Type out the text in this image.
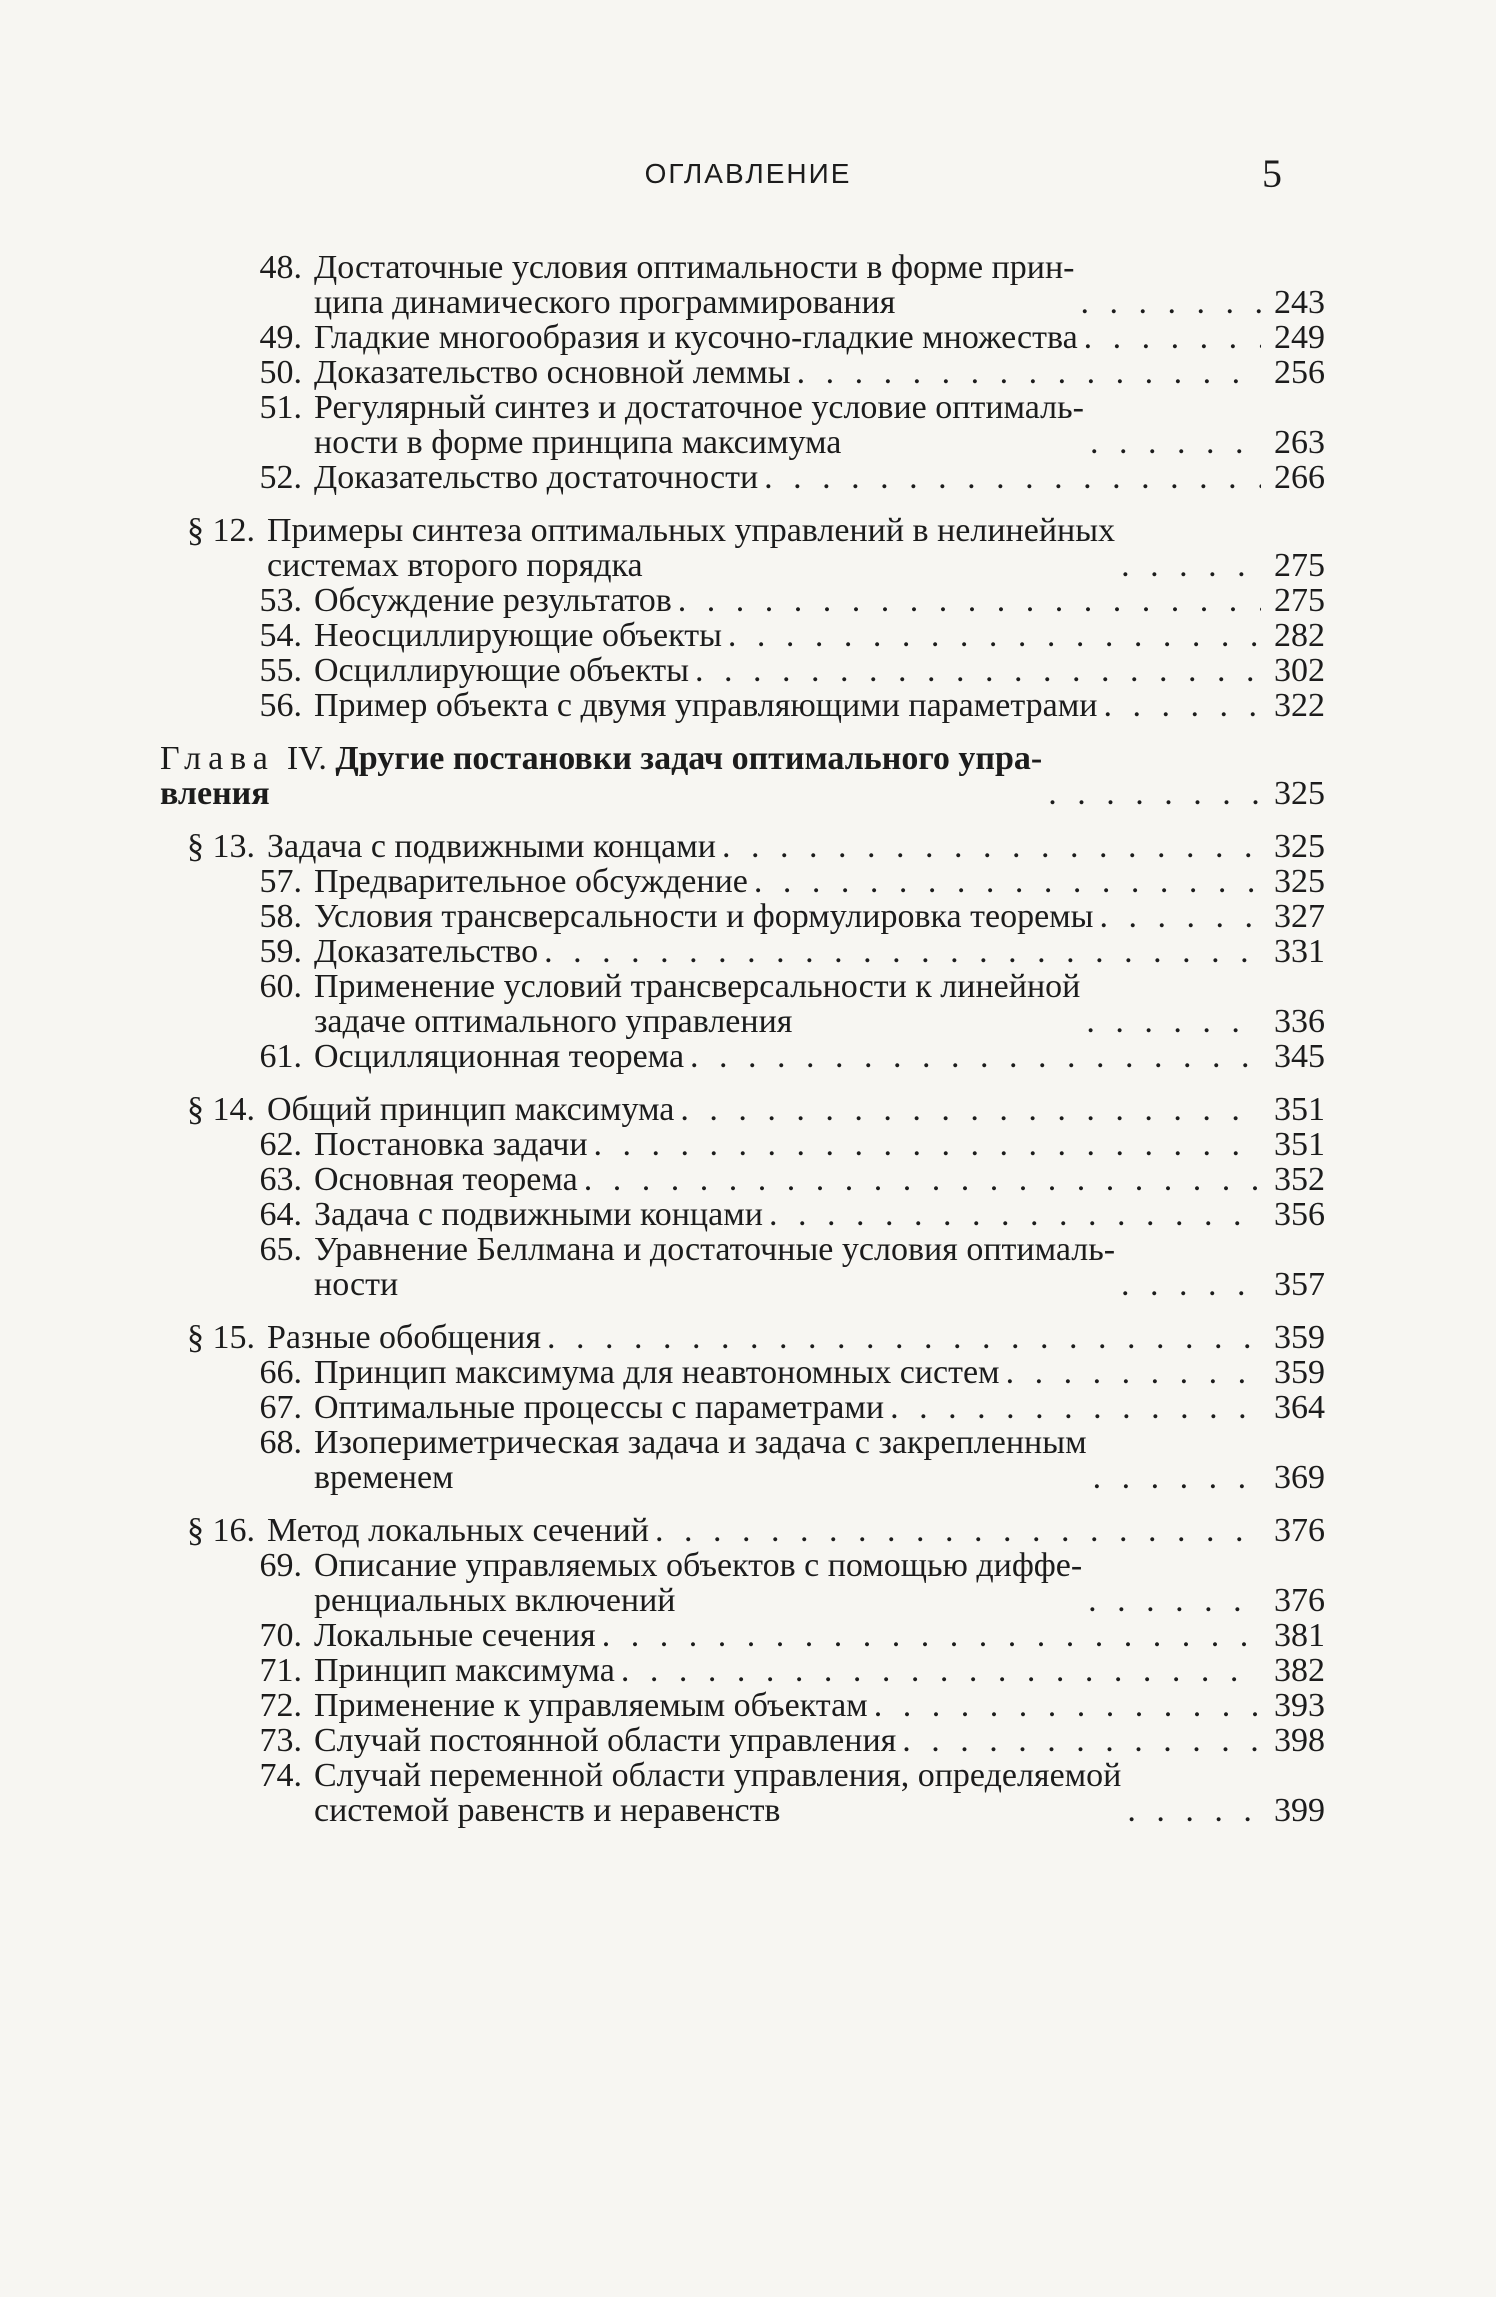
ОГЛАВЛЕНИЕ	5
48. Достаточные условия оптимальности в форме прин-
ципа динамического программирования . . .	243
49. Гладкие многообразия и кусочно-гладкие множества . . .	249
50. Доказательство основной леммы . . .	256
51. Регулярный синтез и достаточное условие оптималь-
ности в форме принципа максимума . . .	263
52. Доказательство достаточности . . .	266
§ 12. Примеры синтеза оптимальных управлений в нелинейных
системах второго порядка . . .	275
53. Обсуждение результатов . . .	275
54. Неосциллирующие объекты . . .	282
55. Осциллирующие объекты . . .	302
56. Пример объекта с двумя управляющими параметрами . . .	322
Глава IV. Другие постановки задач оптимального упра-
вления . . .	325
§ 13. Задача с подвижными концами . . .	325
57. Предварительное обсуждение . . .	325
58. Условия трансверсальности и формулировка теоремы . . .	327
59. Доказательство . . .	331
60. Применение условий трансверсальности к линейной
задаче оптимального управления . . .	336
61. Осцилляционная теорема . . .	345
§ 14. Общий принцип максимума . . .	351
62. Постановка задачи . . .	351
63. Основная теорема . . .	352
64. Задача с подвижными концами . . .	356
65. Уравнение Беллмана и достаточные условия оптималь-
ности . . .	357
§ 15. Разные обобщения . . .	359
66. Принцип максимума для неавтономных систем . . .	359
67. Оптимальные процессы с параметрами . . .	364
68. Изопериметрическая задача и задача с закрепленным
временем . . .	369
§ 16. Метод локальных сечений . . .	376
69. Описание управляемых объектов с помощью диффе-
ренциальных включений . . .	376
70. Локальные сечения . . .	381
71. Принцип максимума . . .	382
72. Применение к управляемым объектам . . .	393
73. Случай постоянной области управления . . .	398
74. Случай переменной области управления, определяемой
системой равенств и неравенств . . .	399
